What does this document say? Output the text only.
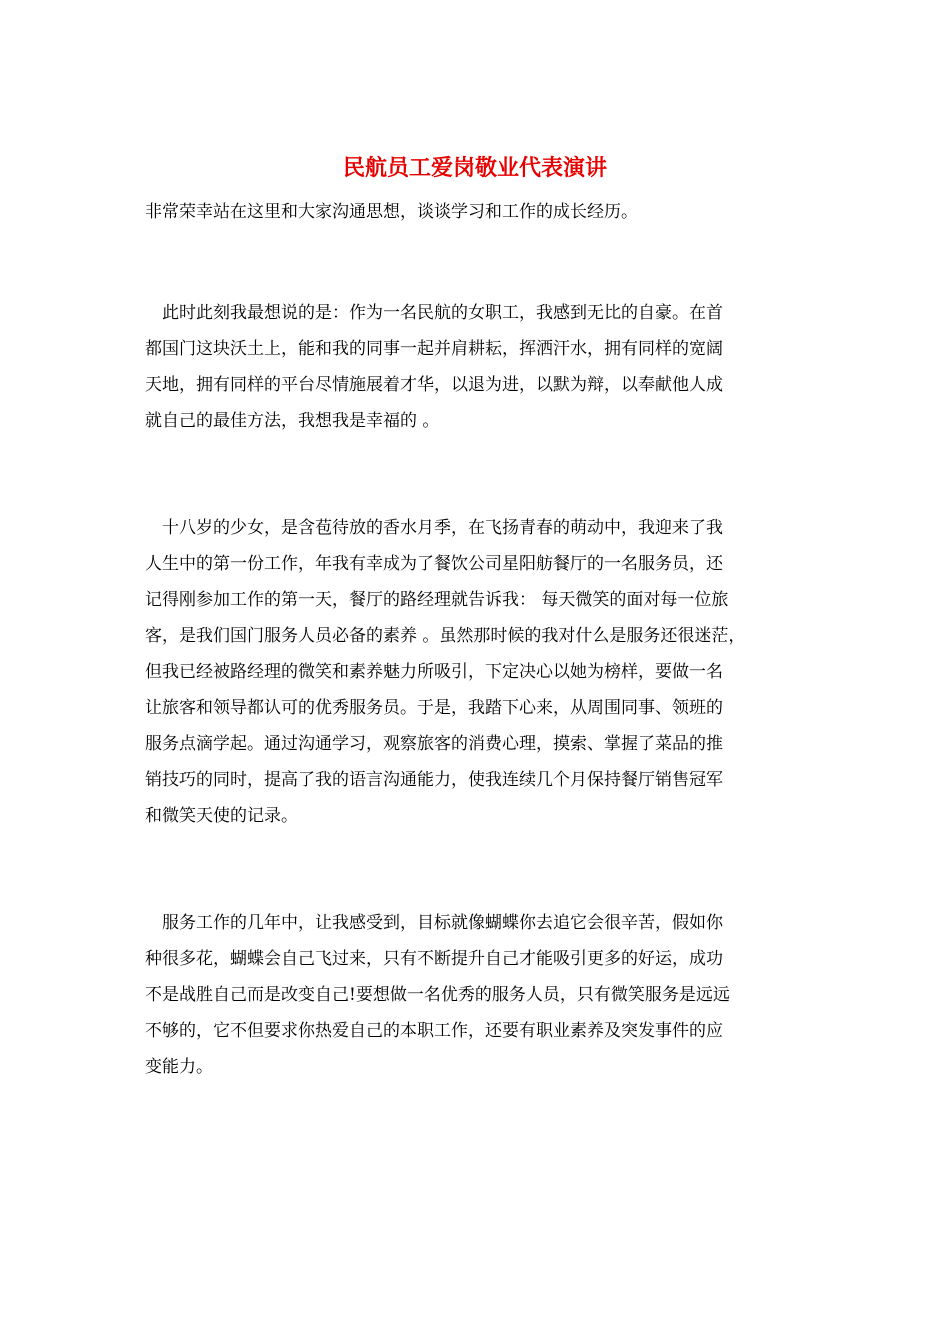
民航员工爱岗敬业代表演讲
非常荣幸站在这里和大家沟通思想，谈谈学习和工作的成长经历。
　此时此刻我最想说的是：作为一名民航的女职工，我感到无比的自豪。在首
都国门这块沃土上，能和我的同事一起并肩耕耘，挥洒汗水，拥有同样的宽阔
天地，拥有同样的平台尽情施展着才华，以退为进，以默为辩，以奉献他人成
就自己的最佳方法，我想我是幸福的 。
　十八岁的少女，是含苞待放的香水月季，在飞扬青春的萌动中，我迎来了我
人生中的第一份工作，年我有幸成为了餐饮公司星阳舫餐厅的一名服务员，还
记得刚参加工作的第一天，餐厅的路经理就告诉我： 每天微笑的面对每一位旅
客，是我们国门服务人员必备的素养 。虽然那时候的我对什么是服务还很迷茫，
但我已经被路经理的微笑和素养魅力所吸引，下定决心以她为榜样，要做一名
让旅客和领导都认可的优秀服务员。于是，我踏下心来，从周围同事、领班的
服务点滴学起。通过沟通学习，观察旅客的消费心理，摸索、掌握了菜品的推
销技巧的同时，提高了我的语言沟通能力，使我连续几个月保持餐厅销售冠军
和微笑天使的记录。
　服务工作的几年中，让我感受到，目标就像蝴蝶你去追它会很辛苦，假如你
种很多花，蝴蝶会自己飞过来，只有不断提升自己才能吸引更多的好运，成功
不是战胜自己而是改变自己!要想做一名优秀的服务人员，只有微笑服务是远远
不够的，它不但要求你热爱自己的本职工作，还要有职业素养及突发事件的应
变能力。
